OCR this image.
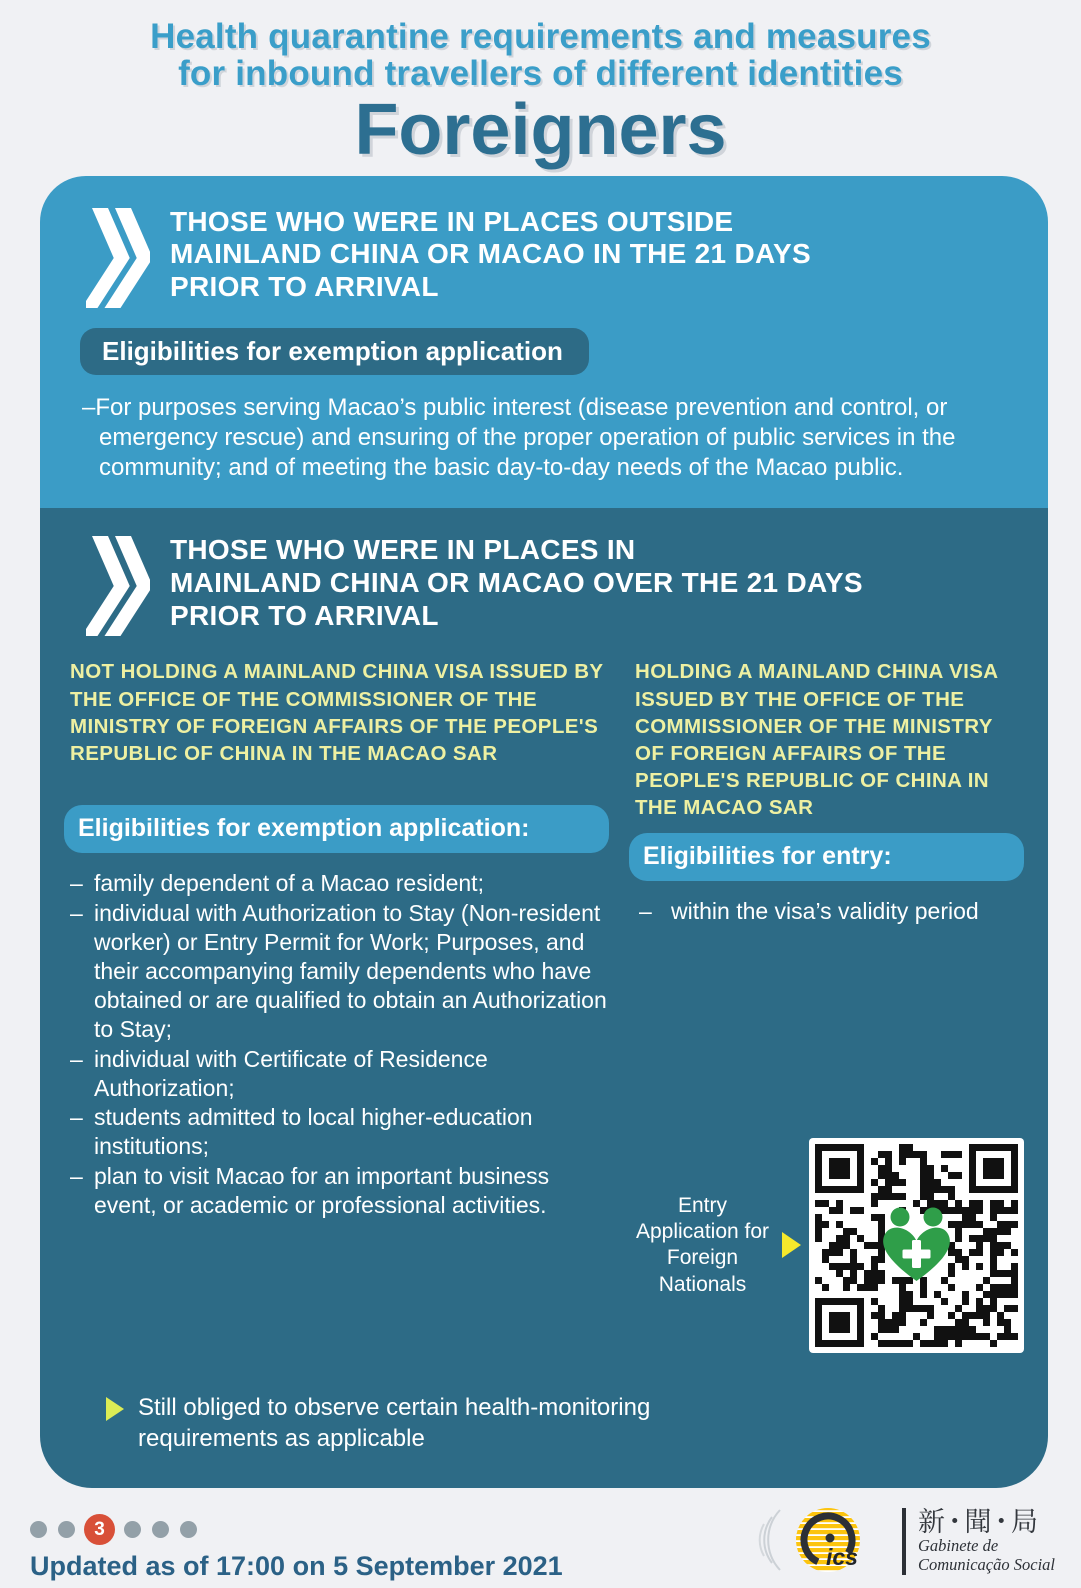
Health quarantine requirements and measures
for inbound travellers of different identities
Foreigners
THOSE WHO WERE IN PLACES OUTSIDE
MAINLAND CHINA OR MACAO IN THE 21 DAYS
PRIOR TO ARRIVAL
Eligibilities for exemption application
–For purposes serving Macao’s public interest (disease prevention and control, or emergency rescue) and ensuring of the proper operation of public services in the community; and of meeting the basic day-to-day needs of the Macao public.
THOSE WHO WERE IN PLACES IN
MAINLAND CHINA OR MACAO OVER THE 21 DAYS
PRIOR TO ARRIVAL
NOT HOLDING A MAINLAND CHINA VISA ISSUED BY THE OFFICE OF THE COMMISSIONER OF THE MINISTRY OF FOREIGN AFFAIRS OF THE PEOPLE'S REPUBLIC OF CHINA IN THE MACAO SAR
Eligibilities for exemption application:
– family dependent of a Macao resident;
– individual with Authorization to Stay (Non-resident worker) or Entry Permit for Work; Purposes, and their accompanying family dependents who have obtained or are qualified to obtain an Authorization to Stay;
– individual with Certificate of Residence Authorization;
– students admitted to local higher-education institutions;
– plan to visit Macao for an important business event, or academic or professional activities.
HOLDING A MAINLAND CHINA VISA ISSUED BY THE OFFICE OF THE COMMISSIONER OF THE MINISTRY OF FOREIGN AFFAIRS OF THE PEOPLE'S REPUBLIC OF CHINA IN THE MACAO SAR
Eligibilities for entry:
– within the visa’s validity period
Entry Application for
Foreign Nationals
Still obliged to observe certain health-monitoring requirements as applicable
3
Updated as of 17:00 on 5 September 2021	ics
新･聞･局
Gabinete de
Comunicação Social
